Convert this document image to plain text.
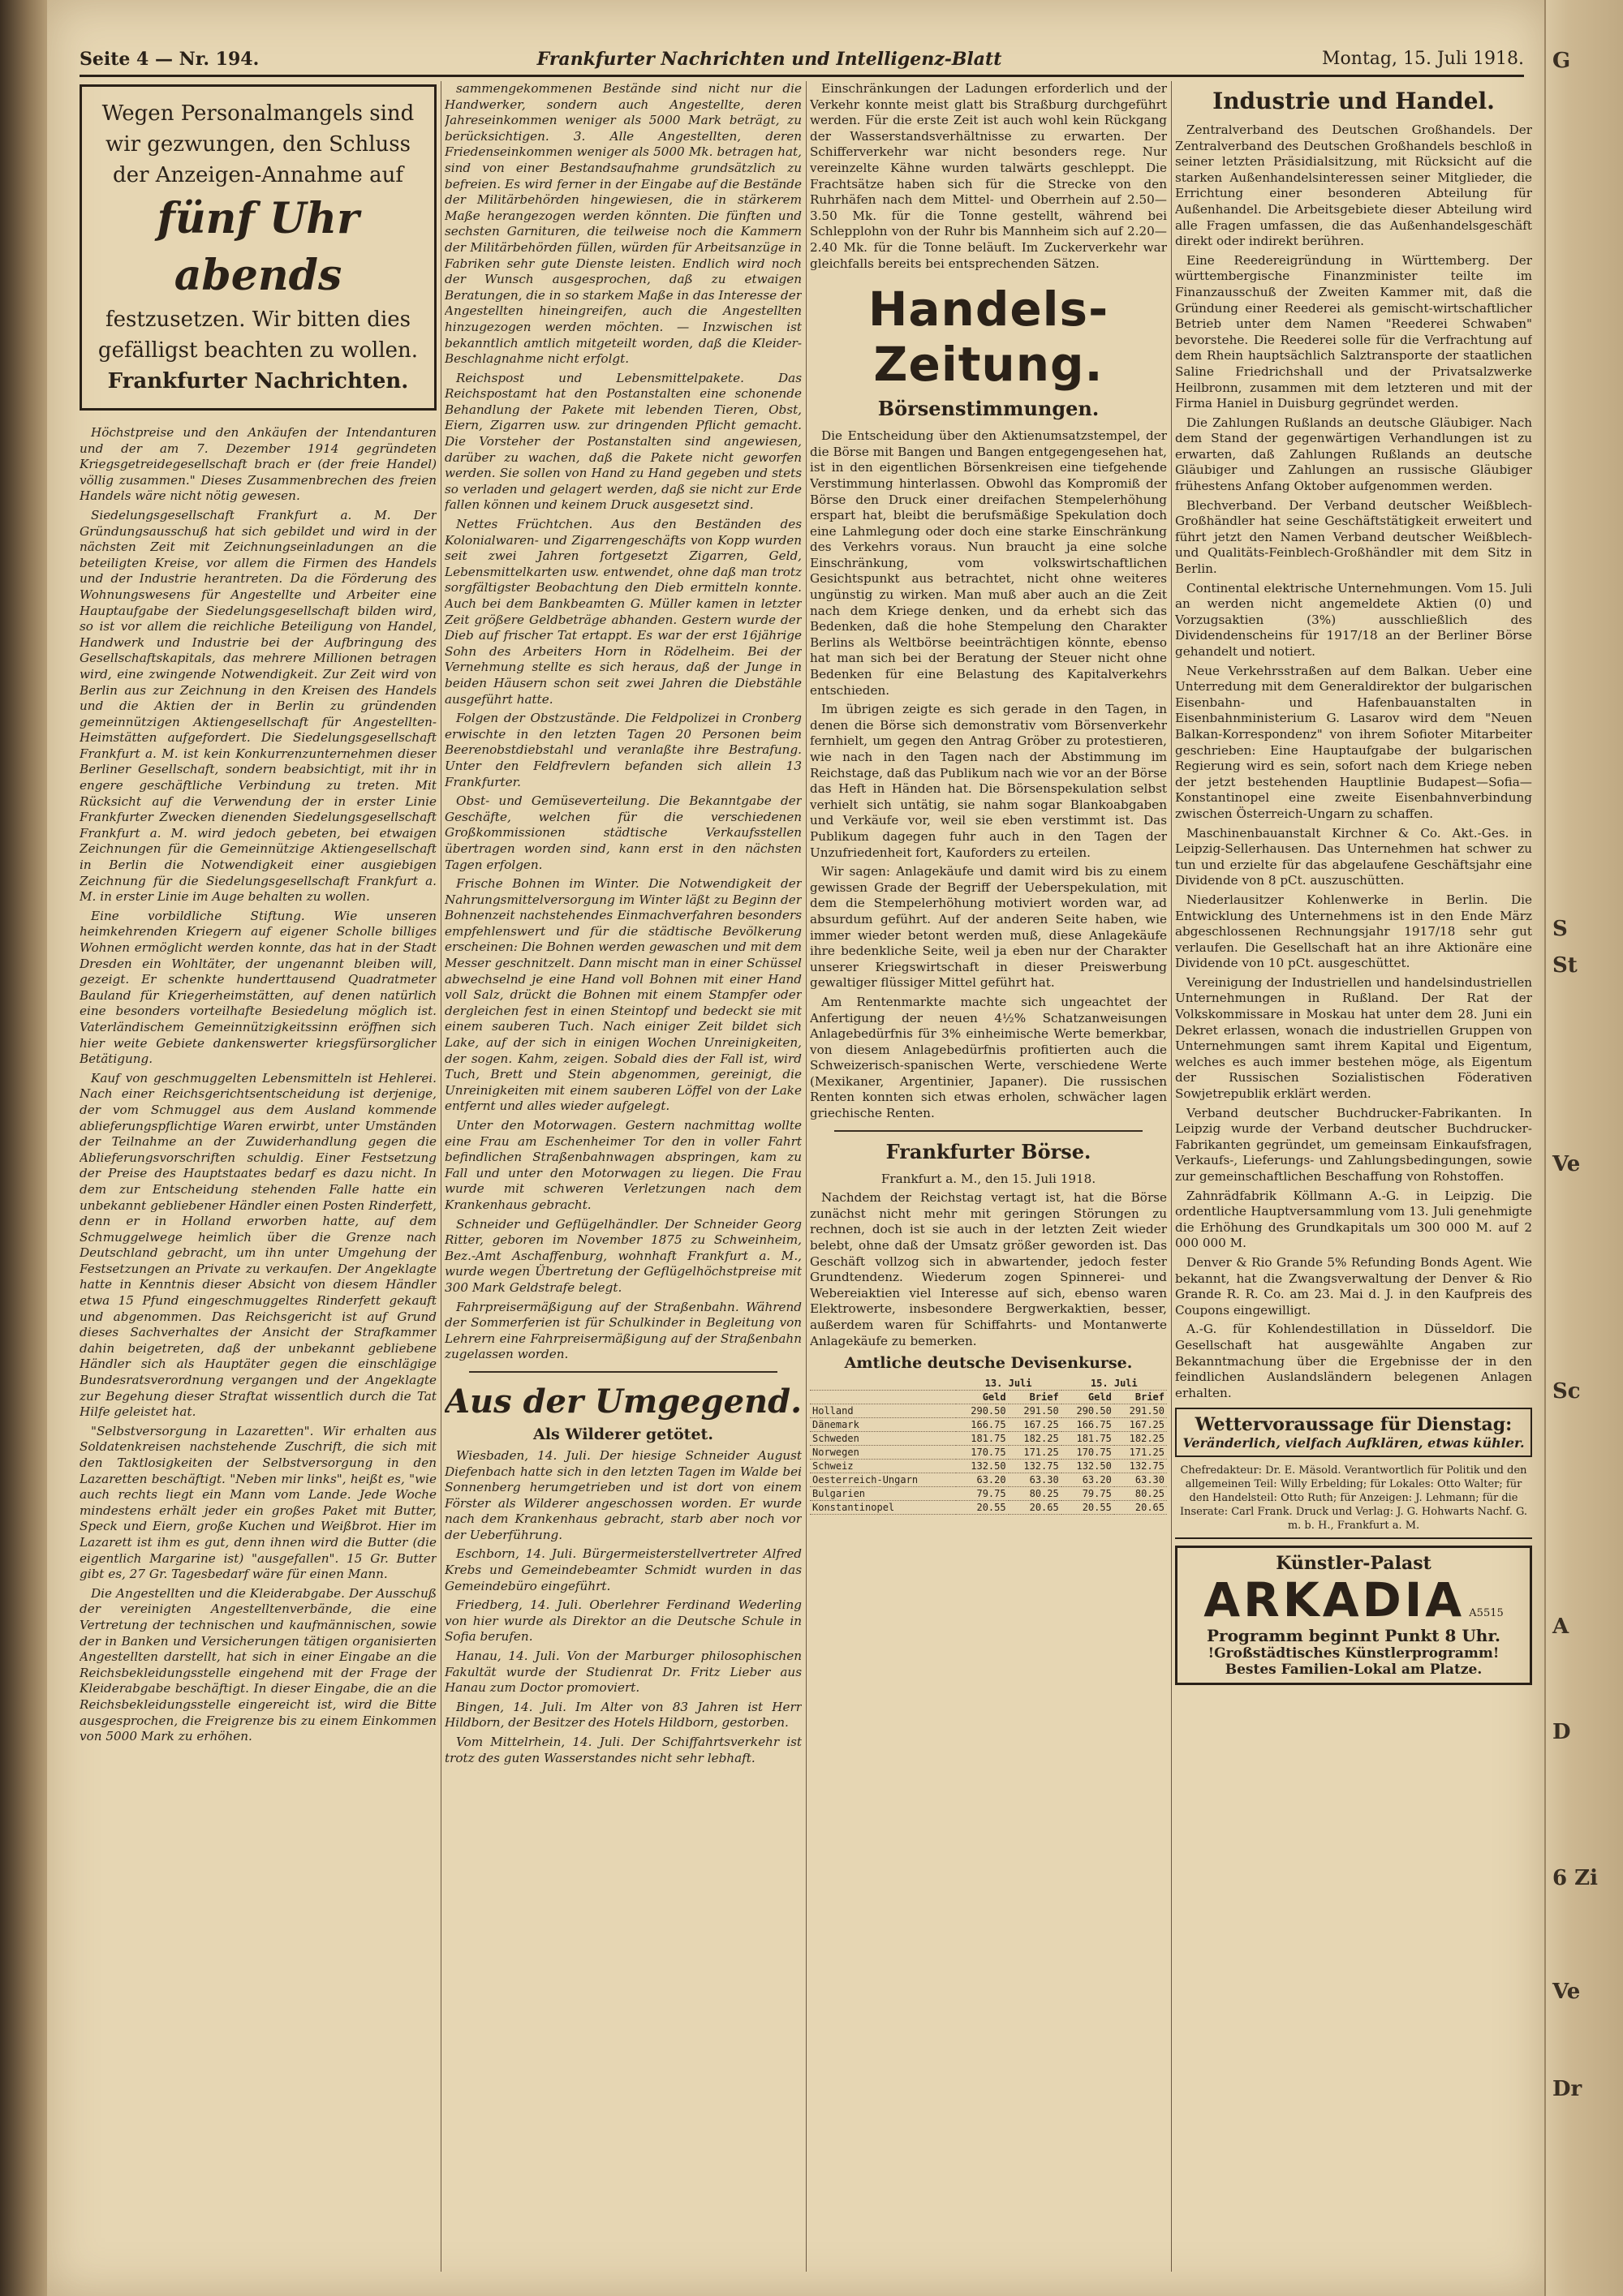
Seite 4 — Nr. 194.	Frankfurter Nachrichten und Intelligenz-Blatt	Montag, 15. Juli 1918.
Wegen Personalmangels sind wir gezwungen, den Schluss der Anzeigen-Annahme auf
fünf Uhr abends
festzusetzen. Wir bitten dies gefälligst beachten zu wollen.
Frankfurter Nachrichten.

Höchstpreise und den Ankäufen der Intendanturen und der am 7. Dezember 1914 gegründeten Kriegsgetreidegesellschaft brach er (der freie Handel) völlig zusammen." Dieses Zusammenbrechen des freien Handels wäre nicht nötig gewesen.

Siedelungsgesellschaft Frankfurt a. M. Der Gründungsausschuß hat sich gebildet und wird in der nächsten Zeit mit Zeichnungseinladungen an die beteiligten Kreise, vor allem die Firmen des Handels und der Industrie herantreten. Da die Förderung des Wohnungswesens für Angestellte und Arbeiter eine Hauptaufgabe der Siedelungsgesellschaft bilden wird, so ist vor allem die reichliche Beteiligung von Handel, Handwerk und Industrie bei der Aufbringung des Gesellschaftskapitals, das mehrere Millionen betragen wird, eine zwingende Notwendigkeit. Zur Zeit wird von Berlin aus zur Zeichnung in den Kreisen des Handels und die Aktien der in Berlin zu gründenden gemeinnützigen Aktiengesellschaft für Angestellten-Heimstätten aufgefordert. Die Siedelungsgesellschaft Frankfurt a. M. ist kein Konkurrenzunternehmen dieser Berliner Gesellschaft, sondern beabsichtigt, mit ihr in engere geschäftliche Verbindung zu treten. Mit Rücksicht auf die Verwendung der in erster Linie Frankfurter Zwecken dienenden Siedelungsgesellschaft Frankfurt a. M. wird jedoch gebeten, bei etwaigen Zeichnungen für die Gemeinnützige Aktiengesellschaft in Berlin die Notwendigkeit einer ausgiebigen Zeichnung für die Siedelungsgesellschaft Frankfurt a. M. in erster Linie im Auge behalten zu wollen.

Eine vorbildliche Stiftung. Wie unseren heimkehrenden Kriegern auf eigener Scholle billiges Wohnen ermöglicht werden konnte, das hat in der Stadt Dresden ein Wohltäter, der ungenannt bleiben will, gezeigt. Er schenkte hunderttausend Quadratmeter Bauland für Kriegerheimstätten, auf denen natürlich eine besonders vorteilhafte Besiedelung möglich ist. Vaterländischem Gemeinnützigkeitssinn eröffnen sich hier weite Gebiete dankenswerter kriegsfürsorglicher Betätigung.

Kauf von geschmuggelten Lebensmitteln ist Hehlerei. Nach einer Reichsgerichtsentscheidung ist derjenige, der vom Schmuggel aus dem Ausland kommende ablieferungspflichtige Waren erwirbt, unter Umständen der Teilnahme an der Zuwiderhandlung gegen die Ablieferungsvorschriften schuldig. Einer Festsetzung der Preise des Hauptstaates bedarf es dazu nicht. In dem zur Entscheidung stehenden Falle hatte ein unbekannt gebliebener Händler einen Posten Rinderfett, denn er in Holland erworben hatte, auf dem Schmuggelwege heimlich über die Grenze nach Deutschland gebracht, um ihn unter Umgehung der Festsetzungen an Private zu verkaufen. Der Angeklagte hatte in Kenntnis dieser Absicht von diesem Händler etwa 15 Pfund eingeschmuggeltes Rinderfett gekauft und abgenommen. Das Reichsgericht ist auf Grund dieses Sachverhaltes der Ansicht der Strafkammer dahin beigetreten, daß der unbekannt gebliebene Händler sich als Hauptäter gegen die einschlägige Bundesratsverordnung vergangen und der Angeklagte zur Begehung dieser Straftat wissentlich durch die Tat Hilfe geleistet hat.

"Selbstversorgung in Lazaretten". Wir erhalten aus Soldatenkreisen nachstehende Zuschrift, die sich mit den Taktlosigkeiten der Selbstversorgung in den Lazaretten beschäftigt. "Neben mir links", heißt es, "wie auch rechts liegt ein Mann vom Lande. Jede Woche mindestens erhält jeder ein großes Paket mit Butter, Speck und Eiern, große Kuchen und Weißbrot. Hier im Lazarett ist ihm es gut, denn ihnen wird die Butter (die eigentlich Margarine ist) "ausgefallen". 15 Gr. Butter gibt es, 27 Gr. Tagesbedarf wäre für einen Mann.

Die Angestellten und die Kleiderabgabe. Der Ausschuß der vereinigten Angestelltenverbände, die eine Vertretung der technischen und kaufmännischen, sowie der in Banken und Versicherungen tätigen organisierten Angestellten darstellt, hat sich in einer Eingabe an die Reichsbekleidungsstelle eingehend mit der Frage der Kleiderabgabe beschäftigt. In dieser Eingabe, die an die Reichsbekleidungsstelle eingereicht ist, wird die Bitte ausgesprochen, die Freigrenze bis zu einem Einkommen von 5000 Mark zu erhöhen.

sammengekommenen Bestände sind nicht nur die Handwerker, sondern auch Angestellte, deren Jahreseinkommen weniger als 5000 Mark beträgt, zu berücksichtigen. 3. Alle Angestellten, deren Friedenseinkommen weniger als 5000 Mk. betragen hat, sind von einer Bestandsaufnahme grundsätzlich zu befreien. Es wird ferner in der Eingabe auf die Bestände der Militärbehörden hingewiesen, die in stärkerem Maße herangezogen werden könnten. Die fünften und sechsten Garnituren, die teilweise noch die Kammern der Militärbehörden füllen, würden für Arbeitsanzüge in Fabriken sehr gute Dienste leisten. Endlich wird noch der Wunsch ausgesprochen, daß zu etwaigen Beratungen, die in so starkem Maße in das Interesse der Angestellten hineingreifen, auch die Angestellten hinzugezogen werden möchten. — Inzwischen ist bekanntlich amtlich mitgeteilt worden, daß die Kleider-Beschlagnahme nicht erfolgt.

Reichspost und Lebensmittelpakete. Das Reichspostamt hat den Postanstalten eine schonende Behandlung der Pakete mit lebenden Tieren, Obst, Eiern, Zigarren usw. zur dringenden Pflicht gemacht. Die Vorsteher der Postanstalten sind angewiesen, darüber zu wachen, daß die Pakete nicht geworfen werden. Sie sollen von Hand zu Hand gegeben und stets so verladen und gelagert werden, daß sie nicht zur Erde fallen können und keinem Druck ausgesetzt sind.

Nettes Früchtchen. Aus den Beständen des Kolonialwaren- und Zigarrengeschäfts von Kopp wurden seit zwei Jahren fortgesetzt Zigarren, Geld, Lebensmittelkarten usw. entwendet, ohne daß man trotz sorgfältigster Beobachtung den Dieb ermitteln konnte. Auch bei dem Bankbeamten G. Müller kamen in letzter Zeit größere Geldbeträge abhanden. Gestern wurde der Dieb auf frischer Tat ertappt. Es war der erst 16jährige Sohn des Arbeiters Horn in Rödelheim. Bei der Vernehmung stellte es sich heraus, daß der Junge in beiden Häusern schon seit zwei Jahren die Diebstähle ausgeführt hatte.

Folgen der Obstzustände. Die Feldpolizei in Cronberg erwischte in den letzten Tagen 20 Personen beim Beerenobstdiebstahl und veranlaßte ihre Bestrafung. Unter den Feldfrevlern befanden sich allein 13 Frankfurter.

Obst- und Gemüseverteilung. Die Bekanntgabe der Geschäfte, welchen für die verschiedenen Großkommissionen städtische Verkaufsstellen übertragen worden sind, kann erst in den nächsten Tagen erfolgen.

Frische Bohnen im Winter. Die Notwendigkeit der Nahrungsmittelversorgung im Winter läßt zu Beginn der Bohnenzeit nachstehendes Einmachverfahren besonders empfehlenswert und für die städtische Bevölkerung erscheinen: Die Bohnen werden gewaschen und mit dem Messer geschnitzelt. Dann mischt man in einer Schüssel abwechselnd je eine Hand voll Bohnen mit einer Hand voll Salz, drückt die Bohnen mit einem Stampfer oder dergleichen fest in einen Steintopf und bedeckt sie mit einem sauberen Tuch. Nach einiger Zeit bildet sich Lake, auf der sich in einigen Wochen Unreinigkeiten, der sogen. Kahm, zeigen. Sobald dies der Fall ist, wird Tuch, Brett und Stein abgenommen, gereinigt, die Unreinigkeiten mit einem sauberen Löffel von der Lake entfernt und alles wieder aufgelegt.

Unter den Motorwagen. Gestern nachmittag wollte eine Frau am Eschenheimer Tor den in voller Fahrt befindlichen Straßenbahnwagen abspringen, kam zu Fall und unter den Motorwagen zu liegen. Die Frau wurde mit schweren Verletzungen nach dem Krankenhaus gebracht.

Schneider und Geflügelhändler. Der Schneider Georg Ritter, geboren im November 1875 zu Schweinheim, Bez.-Amt Aschaffenburg, wohnhaft Frankfurt a. M., wurde wegen Übertretung der Geflügelhöchstpreise mit 300 Mark Geldstrafe belegt.

Fahrpreisermäßigung auf der Straßenbahn. Während der Sommerferien ist für Schulkinder in Begleitung von Lehrern eine Fahrpreisermäßigung auf der Straßenbahn zugelassen worden.

Aus der Umgegend.
Als Wilderer getötet.

Wiesbaden, 14. Juli. Der hiesige Schneider August Diefenbach hatte sich in den letzten Tagen im Walde bei Sonnenberg herumgetrieben und ist dort von einem Förster als Wilderer angeschossen worden. Er wurde nach dem Krankenhaus gebracht, starb aber noch vor der Ueberführung.

Eschborn, 14. Juli. Bürgermeisterstellvertreter Alfred Krebs und Gemeindebeamter Schmidt wurden in das Gemeindebüro eingeführt.

Friedberg, 14. Juli. Oberlehrer Ferdinand Wederling von hier wurde als Direktor an die Deutsche Schule in Sofia berufen.

Hanau, 14. Juli. Von der Marburger philosophischen Fakultät wurde der Studienrat Dr. Fritz Lieber aus Hanau zum Doctor promoviert.

Bingen, 14. Juli. Im Alter von 83 Jahren ist Herr Hildborn, der Besitzer des Hotels Hildborn, gestorben.

Vom Mittelrhein, 14. Juli. Der Schiffahrtsverkehr ist trotz des guten Wasserstandes nicht sehr lebhaft.

Einschränkungen der Ladungen erforderlich und der Verkehr konnte meist glatt bis Straßburg durchgeführt werden. Für die erste Zeit ist auch wohl kein Rückgang der Wasserstandsverhältnisse zu erwarten. Der Schifferverkehr war nicht besonders rege. Nur vereinzelte Kähne wurden talwärts geschleppt. Die Frachtsätze haben sich für die Strecke von den Ruhrhäfen nach dem Mittel- und Oberrhein auf 2.50—3.50 Mk. für die Tonne gestellt, während bei Schlepplohn von der Ruhr bis Mannheim sich auf 2.20—2.40 Mk. für die Tonne beläuft. Im Zuckerverkehr war gleichfalls bereits bei entsprechenden Sätzen.

Handels-Zeitung.
Börsenstimmungen.

Die Entscheidung über den Aktienumsatzstempel, der die Börse mit Bangen und Bangen entgegengesehen hat, ist in den eigentlichen Börsenkreisen eine tiefgehende Verstimmung hinterlassen. Obwohl das Kompromiß der Börse den Druck einer dreifachen Stempelerhöhung erspart hat, bleibt die berufsmäßige Spekulation doch eine Lahmlegung oder doch eine starke Einschränkung des Verkehrs voraus. Nun braucht ja eine solche Einschränkung, vom volkswirtschaftlichen Gesichtspunkt aus betrachtet, nicht ohne weiteres ungünstig zu wirken. Man muß aber auch an die Zeit nach dem Kriege denken, und da erhebt sich das Bedenken, daß die hohe Stempelung den Charakter Berlins als Weltbörse beeinträchtigen könnte, ebenso hat man sich bei der Beratung der Steuer nicht ohne Bedenken für eine Belastung des Kapitalverkehrs entschieden.

Im übrigen zeigte es sich gerade in den Tagen, in denen die Börse sich demonstrativ vom Börsenverkehr fernhielt, um gegen den Antrag Gröber zu protestieren, wie nach in den Tagen nach der Abstimmung im Reichstage, daß das Publikum nach wie vor an der Börse das Heft in Händen hat. Die Börsenspekulation selbst verhielt sich untätig, sie nahm sogar Blankoabgaben und Verkäufe vor, weil sie eben verstimmt ist. Das Publikum dagegen fuhr auch in den Tagen der Unzufriedenheit fort, Kauforders zu erteilen.

Wir sagen: Anlagekäufe und damit wird bis zu einem gewissen Grade der Begriff der Ueberspekulation, mit dem die Stempelerhöhung motiviert worden war, ad absurdum geführt. Auf der anderen Seite haben, wie immer wieder betont werden muß, diese Anlagekäufe ihre bedenkliche Seite, weil ja eben nur der Charakter unserer Kriegswirtschaft in dieser Preiswerbung gewaltiger flüssiger Mittel geführt hat.

Am Rentenmarkte machte sich ungeachtet der Anfertigung der neuen 4½% Schatzanweisungen Anlagebedürfnis für 3% einheimische Werte bemerkbar, von diesem Anlagebedürfnis profitierten auch die Schweizerisch-spanischen Werte, verschiedene Werte (Mexikaner, Argentinier, Japaner). Die russischen Renten konnten sich etwas erholen, schwächer lagen griechische Renten.

Frankfurter Börse.

Frankfurt a. M., den 15. Juli 1918.

Nachdem der Reichstag vertagt ist, hat die Börse zunächst nicht mehr mit geringen Störungen zu rechnen, doch ist sie auch in der letzten Zeit wieder belebt, ohne daß der Umsatz größer geworden ist. Das Geschäft vollzog sich in abwartender, jedoch fester Grundtendenz. Wiederum zogen Spinnerei- und Webereiaktien viel Interesse auf sich, ebenso waren Elektrowerte, insbesondere Bergwerkaktien, besser, außerdem waren für Schiffahrts- und Montanwerte Anlagekäufe zu bemerken.

Amtliche deutsche Devisenkurse.
	13. Juli		15. Juli	
	Geld	Brief	Geld	Brief
Holland	290.50	291.50	290.50	291.50
Dänemark	166.75	167.25	166.75	167.25
Schweden	181.75	182.25	181.75	182.25
Norwegen	170.75	171.25	170.75	171.25
Schweiz	132.50	132.75	132.50	132.75
Oesterreich-Ungarn	63.20	63.30	63.20	63.30
Bulgarien	79.75	80.25	79.75	80.25
Konstantinopel	20.55	20.65	20.55	20.65
Industrie und Handel.

Zentralverband des Deutschen Großhandels. Der Zentralverband des Deutschen Großhandels beschloß in seiner letzten Präsidialsitzung, mit Rücksicht auf die starken Außenhandelsinteressen seiner Mitglieder, die Errichtung einer besonderen Abteilung für Außenhandel. Die Arbeitsgebiete dieser Abteilung wird alle Fragen umfassen, die das Außenhandelsgeschäft direkt oder indirekt berühren.

Eine Reedereigründung in Württemberg. Der württembergische Finanzminister teilte im Finanzausschuß der Zweiten Kammer mit, daß die Gründung einer Reederei als gemischt-wirtschaftlicher Betrieb unter dem Namen "Reederei Schwaben" bevorstehe. Die Reederei solle für die Verfrachtung auf dem Rhein hauptsächlich Salztransporte der staatlichen Saline Friedrichshall und der Privatsalzwerke Heilbronn, zusammen mit dem letzteren und mit der Firma Haniel in Duisburg gegründet werden.

Die Zahlungen Rußlands an deutsche Gläubiger. Nach dem Stand der gegenwärtigen Verhandlungen ist zu erwarten, daß Zahlungen Rußlands an deutsche Gläubiger und Zahlungen an russische Gläubiger frühestens Anfang Oktober aufgenommen werden.

Blechverband. Der Verband deutscher Weißblech-Großhändler hat seine Geschäftstätigkeit erweitert und führt jetzt den Namen Verband deutscher Weißblech- und Qualitäts-Feinblech-Großhändler mit dem Sitz in Berlin.

Continental elektrische Unternehmungen. Vom 15. Juli an werden nicht angemeldete Aktien (0) und Vorzugsaktien (3%) ausschließlich des Dividendenscheins für 1917/18 an der Berliner Börse gehandelt und notiert.

Neue Verkehrsstraßen auf dem Balkan. Ueber eine Unterredung mit dem Generaldirektor der bulgarischen Eisenbahn- und Hafenbauanstalten in Eisenbahnministerium G. Lasarov wird dem "Neuen Balkan-Korrespondenz" von ihrem Sofioter Mitarbeiter geschrieben: Eine Hauptaufgabe der bulgarischen Regierung wird es sein, sofort nach dem Kriege neben der jetzt bestehenden Hauptlinie Budapest—Sofia—Konstantinopel eine zweite Eisenbahnverbindung zwischen Österreich-Ungarn zu schaffen.

Maschinenbauanstalt Kirchner & Co. Akt.-Ges. in Leipzig-Sellerhausen. Das Unternehmen hat schwer zu tun und erzielte für das abgelaufene Geschäftsjahr eine Dividende von 8 pCt. auszuschütten.

Niederlausitzer Kohlenwerke in Berlin. Die Entwicklung des Unternehmens ist in den Ende März abgeschlossenen Rechnungsjahr 1917/18 sehr gut verlaufen. Die Gesellschaft hat an ihre Aktionäre eine Dividende von 10 pCt. ausgeschüttet.

Vereinigung der Industriellen und handelsindustriellen Unternehmungen in Rußland. Der Rat der Volkskommissare in Moskau hat unter dem 28. Juni ein Dekret erlassen, wonach die industriellen Gruppen von Unternehmungen samt ihrem Kapital und Eigentum, welches es auch immer bestehen möge, als Eigentum der Russischen Sozialistischen Föderativen Sowjetrepublik erklärt werden.

Verband deutscher Buchdrucker-Fabrikanten. In Leipzig wurde der Verband deutscher Buchdrucker-Fabrikanten gegründet, um gemeinsam Einkaufsfragen, Verkaufs-, Lieferungs- und Zahlungsbedingungen, sowie zur gemeinschaftlichen Beschaffung von Rohstoffen.

Zahnrädfabrik Köllmann A.-G. in Leipzig. Die ordentliche Hauptversammlung vom 13. Juli genehmigte die Erhöhung des Grundkapitals um 300 000 M. auf 2 000 000 M.

Denver & Rio Grande 5% Refunding Bonds Agent. Wie bekannt, hat die Zwangsverwaltung der Denver & Rio Grande R. R. Co. am 23. Mai d. J. in den Kaufpreis des Coupons eingewilligt.

A.-G. für Kohlendestillation in Düsseldorf. Die Gesellschaft hat ausgewählte Angaben zur Bekanntmachung über die Ergebnisse der in den feindlichen Auslandsländern belegenen Anlagen erhalten.

Wettervoraussage für Dienstag:
Veränderlich, vielfach Aufklären, etwas kühler.
Chefredakteur: Dr. E. Mäsold. Verantwortlich für Politik und den allgemeinen Teil: Willy Erbelding; für Lokales: Otto Walter; für den Handelsteil: Otto Ruth; für Anzeigen: J. Lehmann; für die Inserate: Carl Frank. Druck und Verlag: J. G. Hohwarts Nachf. G. m. b. H., Frankfurt a. M.
Künstler-Palast
ARKADIA A5515
Programm beginnt Punkt 8 Uhr.
!Großstädtisches Künstlerprogramm!
Bestes Familien-Lokal am Platze.
G
S
St
Ve
Sc
A
D
6 Zi
Ve
Dr
